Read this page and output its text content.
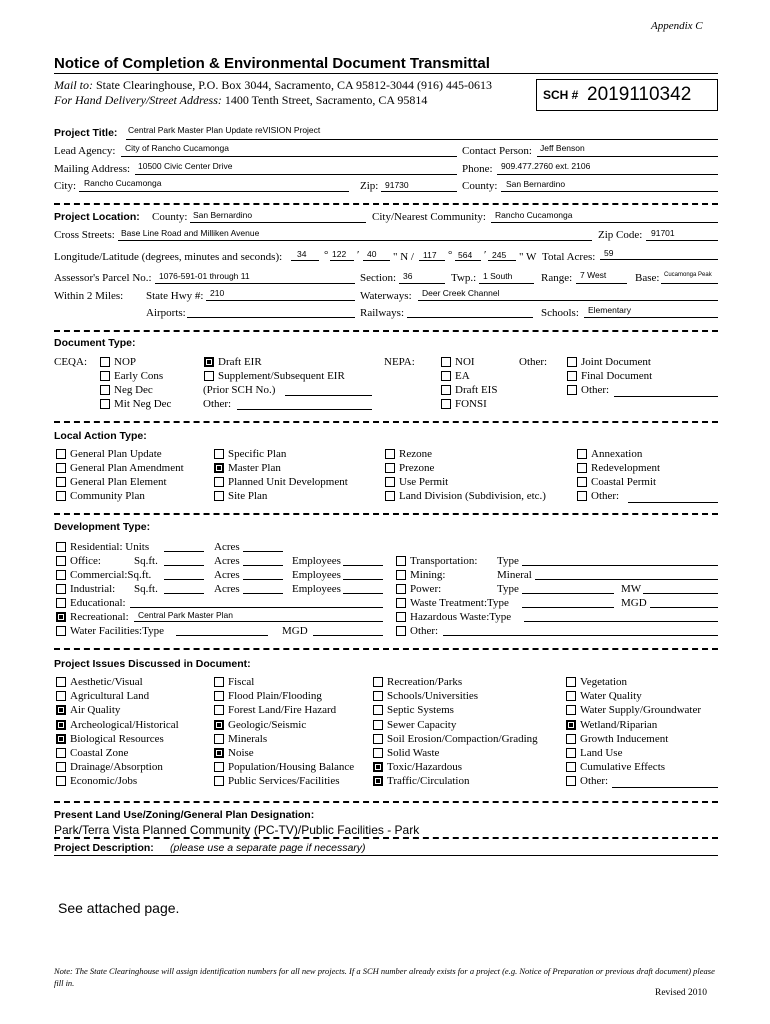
Appendix C
Notice of Completion & Environmental Document Transmittal
Mail to: State Clearinghouse, P.O. Box 3044, Sacramento, CA 95812-3044 (916) 445-0613
For Hand Delivery/Street Address: 1400 Tenth Street, Sacramento, CA 95814	SCH # 2019110342
Project Title: Central Park Master Plan Update reVISION Project
Lead Agency: City of Rancho Cucamonga	Contact Person: Jeff Benson
Mailing Address: 10500 Civic Center Drive	Phone: 909.477.2760 ext. 2106
City: Rancho Cucamonga	Zip: 91730	County: San Bernardino
Project Location: County: San Bernardino	City/Nearest Community: Rancho Cucamonga
Cross Streets: Base Line Road and Milliken Avenue	Zip Code: 91701
Longitude/Latitude (degrees, minutes and seconds): 34 ° 122 ′ 40 " N / 117 ° 564 ′ 245 " W Total Acres: 59
Assessor's Parcel No.: 1076-591-01 through 11	Section: 36	Twp.: 1 South	Range: 7 West	Base: Cucamonga Peak
Within 2 Miles: State Hwy #: 210	Waterways: Deer Creek Channel
Airports:	Railways:	Schools: Elementary
Document Type:
CEQA: NOP
Early Cons
Neg Dec
Mit Neg Dec
Draft EIR
Supplement/Subsequent EIR
(Prior SCH No.)
Other:
NEPA:	NOI
EA
Draft EIS
FONSI
Other:	Joint Document
Final Document
Other:
Local Action Type:
General Plan Update
General Plan Amendment
General Plan Element
Community Plan
Specific Plan
Master Plan
Planned Unit Development
Site Plan
Rezone
Prezone
Use Permit
Land Division (Subdivision, etc.)
Annexation
Redevelopment
Coastal Permit
Other:
Development Type:
Residential: Units	Acres
Office:	Sq.ft.	Acres	Employees
Commercial:Sq.ft.	Acres	Employees
Industrial: Sq.ft.	Acres	Employees
Educational:
Recreational: Central Park Master Plan
Water Facilities:Type	MGD
Transportation: Type
Mining:	Mineral
Power:	Type	MW
Waste Treatment:Type	MGD
Hazardous Waste:Type
Other:
Project Issues Discussed in Document:
Aesthetic/Visual
Agricultural Land
Air Quality
Archeological/Historical
Biological Resources
Coastal Zone
Drainage/Absorption
Economic/Jobs
Fiscal
Flood Plain/Flooding
Forest Land/Fire Hazard
Geologic/Seismic
Minerals
Noise
Population/Housing Balance
Public Services/Facilities
Recreation/Parks
Schools/Universities
Septic Systems
Sewer Capacity
Soil Erosion/Compaction/Grading
Solid Waste
Toxic/Hazardous
Traffic/Circulation
Vegetation
Water Quality
Water Supply/Groundwater
Wetland/Riparian
Growth Inducement
Land Use
Cumulative Effects
Other:
Present Land Use/Zoning/General Plan Designation:
Park/Terra Vista Planned Community (PC-TV)/Public Facilities - Park
Project Description: (please use a separate page if necessary)
See attached page.
Note: The State Clearinghouse will assign identification numbers for all new projects. If a SCH number already exists for a project (e.g. Notice of Preparation or previous draft document) please fill in.
Revised 2010
